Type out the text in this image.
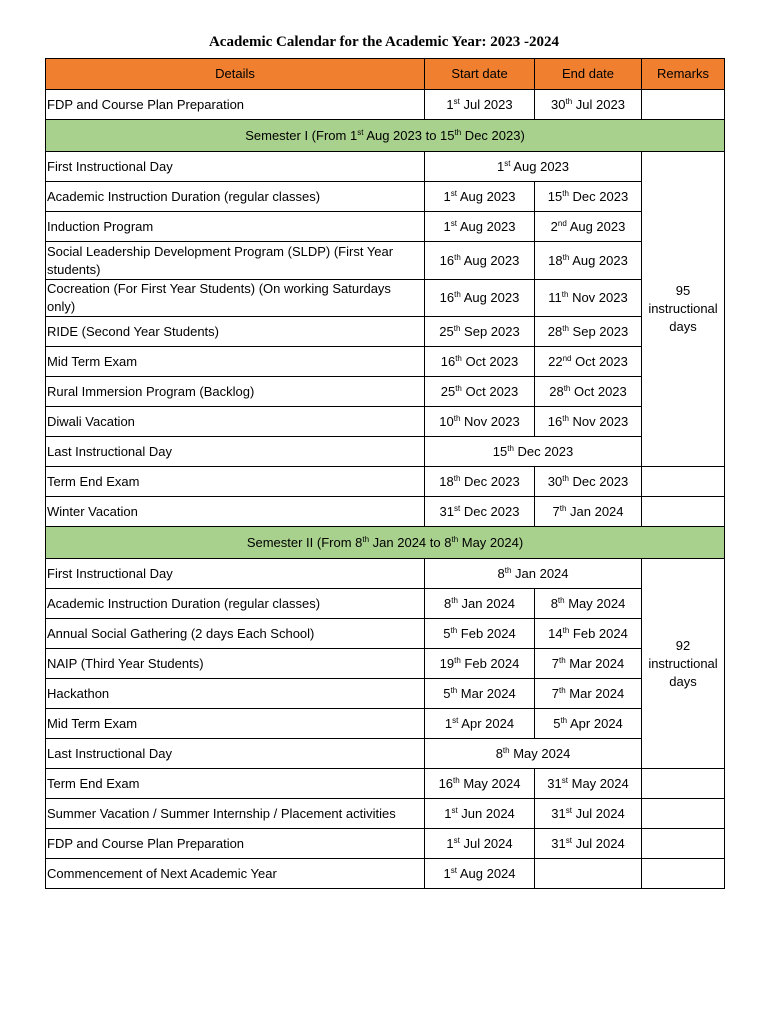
Academic Calendar for the Academic Year: 2023 -2024
Details	Start date	End date	Remarks
FDP and Course Plan Preparation	1st Jul 2023	30th Jul 2023	
Semester I (From 1st Aug 2023 to 15th Dec 2023)			
First Instructional Day	1st Aug 2023		95
instructional
days
Academic Instruction Duration (regular classes)	1st Aug 2023	15th Dec 2023	
Induction Program	1st Aug 2023	2nd Aug 2023	
Social Leadership Development Program (SLDP) (First Year students)	16th Aug 2023	18th Aug 2023	
Cocreation (For First Year Students) (On working Saturdays only)	16th Aug 2023	11th Nov 2023	
RIDE (Second Year Students)	25th Sep 2023	28th Sep 2023	
Mid Term Exam	16th Oct 2023	22nd Oct 2023	
Rural Immersion Program (Backlog)	25th Oct 2023	28th Oct 2023	
Diwali Vacation	10th Nov 2023	16th Nov 2023	
Last Instructional Day	15th Dec 2023		
Term End Exam	18th Dec 2023	30th Dec 2023	
Winter Vacation	31st Dec 2023	7th Jan 2024	
Semester II (From 8th Jan 2024 to 8th May 2024)			
First Instructional Day	8th Jan 2024		92
instructional
days
Academic Instruction Duration (regular classes)	8th Jan 2024	8th May 2024	
Annual Social Gathering (2 days Each School)	5th Feb 2024	14th Feb 2024	
NAIP (Third Year Students)	19th Feb 2024	7th Mar 2024	
Hackathon	5th Mar 2024	7th Mar 2024	
Mid Term Exam	1st Apr 2024	5th Apr 2024	
Last Instructional Day	8th May 2024		
Term End Exam	16th May 2024	31st May 2024	
Summer Vacation / Summer Internship / Placement activities	1st Jun 2024	31st Jul 2024	
FDP and Course Plan Preparation	1st Jul 2024	31st Jul 2024	
Commencement of Next Academic Year	1st Aug 2024		
